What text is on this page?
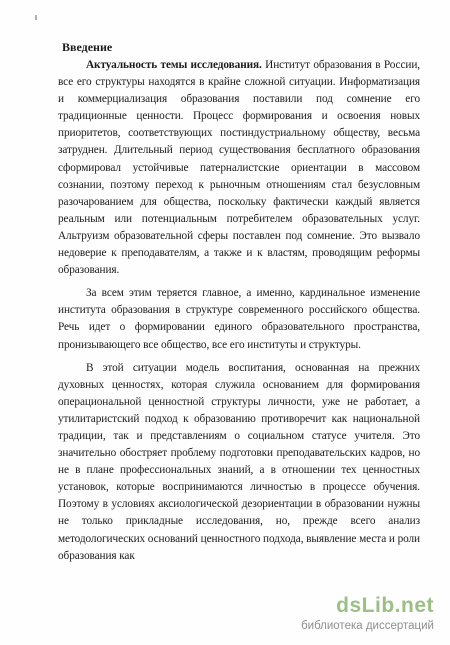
ι
Введение

Актуальность темы исследования. Институт образования в России, все его структуры находятся в крайне сложной ситуации. Информатизация и коммерциализация образования поставили под сомнение его традиционные ценности. Процесс формирования и освоения новых приоритетов, соответствующих постиндустриальному обществу, весьма затруднен. Длительный период существования бесплатного образования сформировал устойчивые патерналистские ориентации в массовом сознании, поэтому переход к рыночным отношениям стал безусловным разочарованием для общества, поскольку фактически каждый является реальным или потенциальным потребителем образовательных услуг. Альтруизм образовательной сферы поставлен под сомнение. Это вызвало недоверие к преподавателям, а также и к властям, проводящим реформы образования.

За всем этим теряется главное, а именно, кардинальное изменение института образования в структуре современного российского общества. Речь идет о формировании единого образовательного пространства, пронизывающего все общество, все его институты и структуры.

В этой ситуации модель воспитания, основанная на прежних духовных ценностях, которая служила основанием для формирования операциональной ценностной структуры личности, уже не работает, а утилитаристский подход к образованию противоречит как национальной традиции, так и представлениям о социальном статусе учителя. Это значительно обостряет проблему подготовки преподавательских кадров, но не в плане профессиональных знаний, а в отношении тех ценностных установок, которые воспринимаются личностью в процессе обучения. Поэтому в условиях аксиологической дезориентации в образовании нужны не только прикладные исследования, но, прежде всего анализ методологических оснований ценностного подхода, выявление места и роли образования как

dsLib.net
библиотека диссертаций
